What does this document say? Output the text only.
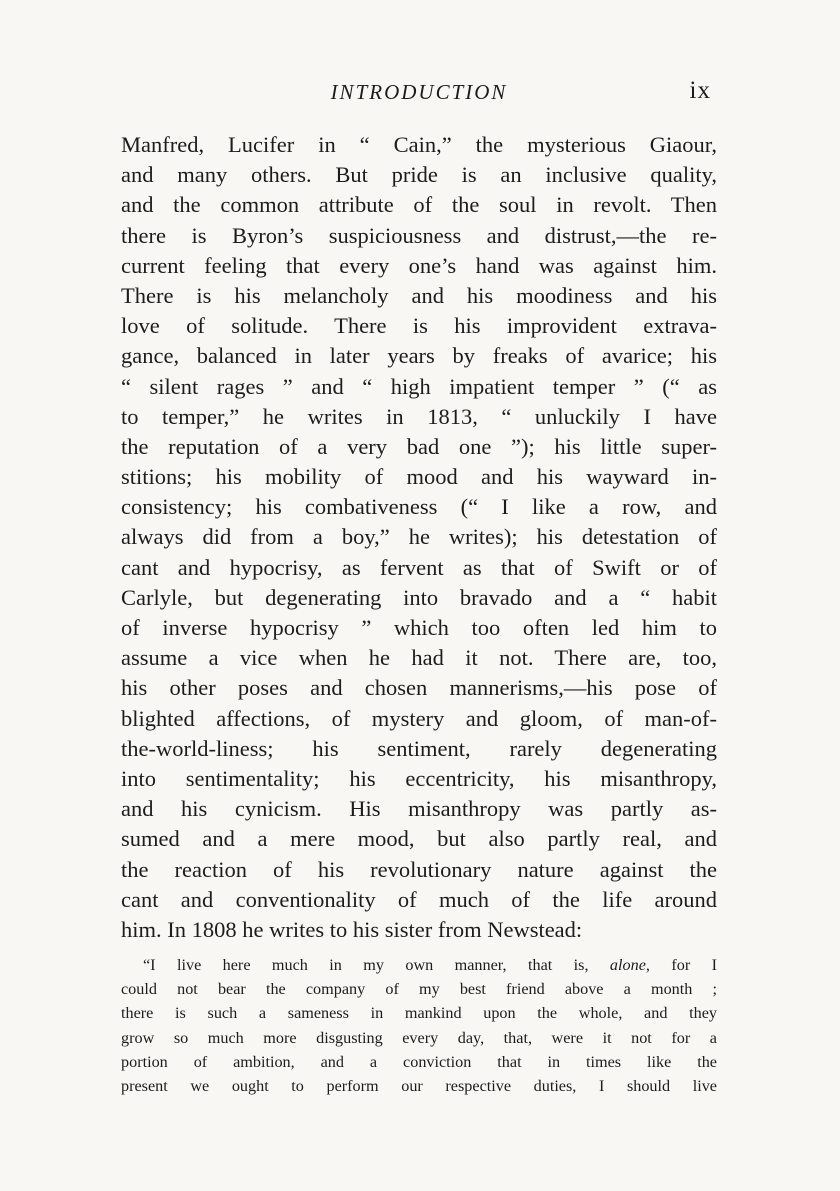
INTRODUCTION	ix
Manfred, Lucifer in “ Cain,” the mysterious Giaour,
and many others. But pride is an inclusive quality,
and the common attribute of the soul in revolt. Then
there is Byron’s suspiciousness and distrust,—the re-
current feeling that every one’s hand was against him.
There is his melancholy and his moodiness and his
love of solitude. There is his improvident extrava-
gance, balanced in later years by freaks of avarice; his
“ silent rages ” and “ high impatient temper ” (“ as
to temper,” he writes in 1813, “ unluckily I have
the reputation of a very bad one ”); his little super-
stitions; his mobility of mood and his wayward in-
consistency; his combativeness (“ I like a row, and
always did from a boy,” he writes); his detestation of
cant and hypocrisy, as fervent as that of Swift or of
Carlyle, but degenerating into bravado and a “ habit
of inverse hypocrisy ” which too often led him to
assume a vice when he had it not. There are, too,
his other poses and chosen mannerisms,—his pose of
blighted affections, of mystery and gloom, of man-of-
the-world-liness; his sentiment, rarely degenerating
into sentimentality; his eccentricity, his misanthropy,
and his cynicism. His misanthropy was partly as-
sumed and a mere mood, but also partly real, and
the reaction of his revolutionary nature against the
cant and conventionality of much of the life around
him. In 1808 he writes to his sister from Newstead:
“I live here much in my own manner, that is, alone, for I
could not bear the company of my best friend above a month ;
there is such a sameness in mankind upon the whole, and they
grow so much more disgusting every day, that, were it not for a
portion of ambition, and a conviction that in times like the
present we ought to perform our respective duties, I should live
